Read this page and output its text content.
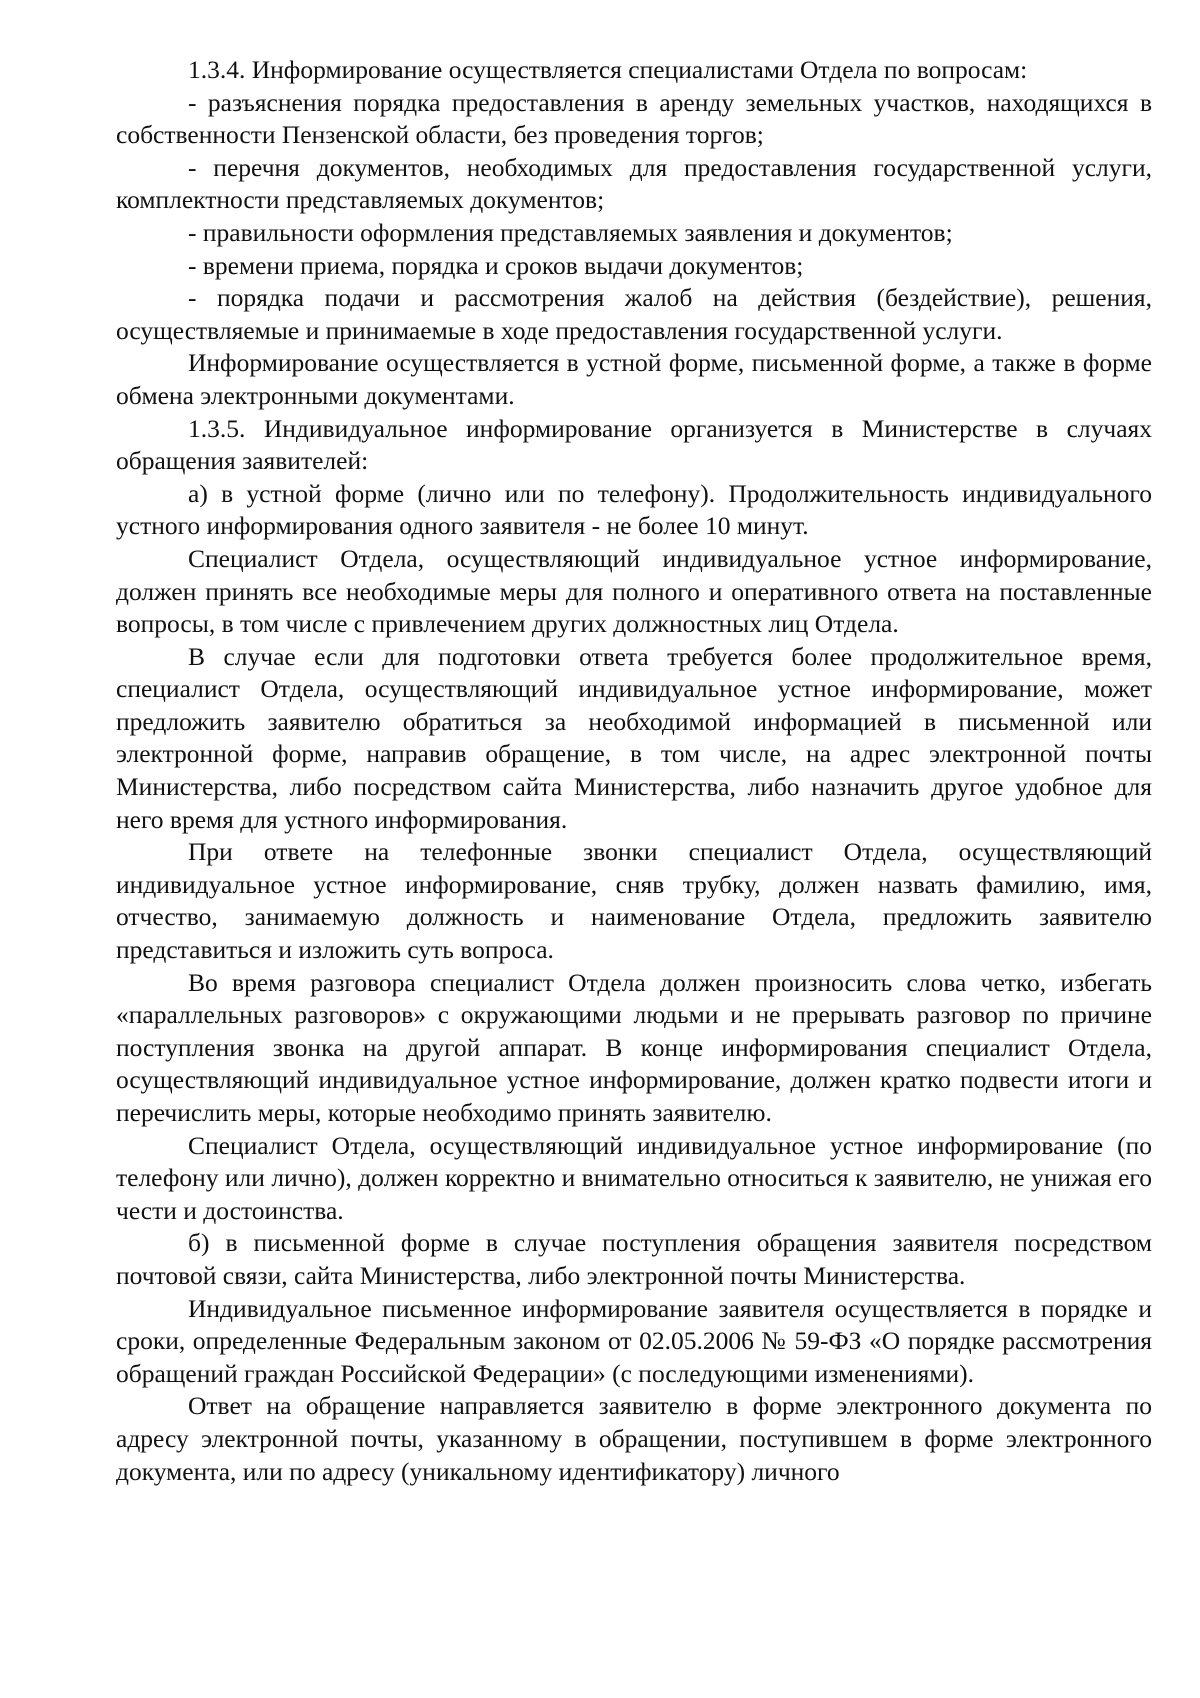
1.3.4. Информирование осуществляется специалистами Отдела по вопросам:

- разъяснения порядка предоставления в аренду земельных участков, находящихся в собственности Пензенской области, без проведения торгов;

- перечня документов, необходимых для предоставления государственной услуги, комплектности представляемых документов;

- правильности оформления представляемых заявления и документов;

- времени приема, порядка и сроков выдачи документов;

- порядка подачи и рассмотрения жалоб на действия (бездействие), решения, осуществляемые и принимаемые в ходе предоставления государственной услуги.

Информирование осуществляется в устной форме, письменной форме, а также в форме обмена электронными документами.

1.3.5. Индивидуальное информирование организуется в Министерстве в случаях обращения заявителей:

а) в устной форме (лично или по телефону). Продолжительность индивидуального устного информирования одного заявителя - не более 10 минут.

Специалист Отдела, осуществляющий индивидуальное устное информирование, должен принять все необходимые меры для полного и оперативного ответа на поставленные вопросы, в том числе с привлечением других должностных лиц Отдела.

В случае если для подготовки ответа требуется более продолжительное время, специалист Отдела, осуществляющий индивидуальное устное информирование, может предложить заявителю обратиться за необходимой информацией в письменной или электронной форме, направив обращение, в том числе, на адрес электронной почты Министерства, либо посредством сайта Министерства, либо назначить другое удобное для него время для устного информирования.

При ответе на телефонные звонки специалист Отдела, осуществляющий индивидуальное устное информирование, сняв трубку, должен назвать фамилию, имя, отчество, занимаемую должность и наименование Отдела, предложить заявителю представиться и изложить суть вопроса.

Во время разговора специалист Отдела должен произносить слова четко, избегать «параллельных разговоров» с окружающими людьми и не прерывать разговор по причине поступления звонка на другой аппарат. В конце информирования специалист Отдела, осуществляющий индивидуальное устное информирование, должен кратко подвести итоги и перечислить меры, которые необходимо принять заявителю.

Специалист Отдела, осуществляющий индивидуальное устное информирование (по телефону или лично), должен корректно и внимательно относиться к заявителю, не унижая его чести и достоинства.

б) в письменной форме в случае поступления обращения заявителя посредством почтовой связи, сайта Министерства, либо электронной почты Министерства.

Индивидуальное письменное информирование заявителя осуществляется в порядке и сроки, определенные Федеральным законом от 02.05.2006 № 59-ФЗ «О порядке рассмотрения обращений граждан Российской Федерации» (с последующими изменениями).

Ответ на обращение направляется заявителю в форме электронного документа по адресу электронной почты, указанному в обращении, поступившем в форме электронного документа, или по адресу (уникальному идентификатору) личного
